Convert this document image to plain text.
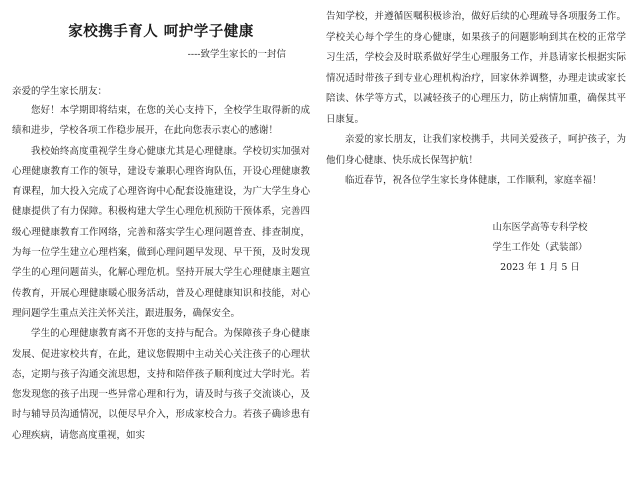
家校携手育人 呵护学子健康
----致学生家长的一封信
亲爱的学生家长朋友：

您好！本学期即将结束，在您的关心支持下，全校学生取得新的成绩和进步，学校各项工作稳步展开，在此向您表示衷心的感谢！

我校始终高度重视学生身心健康尤其是心理健康。学校切实加强对心理健康教育工作的领导，建设专兼职心理咨询队伍，开设心理健康教育课程，加大投入完成了心理咨询中心配套设施建设，为广大学生身心健康提供了有力保障。积极构建大学生心理危机预防干预体系，完善四级心理健康教育工作网络，完善和落实学生心理问题普查、排查制度，为每一位学生建立心理档案，做到心理问题早发现、早干预，及时发现学生的心理问题苗头，化解心理危机。坚持开展大学生心理健康主题宣传教育，开展心理健康暖心服务活动，普及心理健康知识和技能，对心理问题学生重点关注关怀关注，跟进服务，确保安全。

学生的心理健康教育离不开您的支持与配合。为保障孩子身心健康发展、促进家校共育，在此，建议您假期中主动关心关注孩子的心理状态，定期与孩子沟通交流思想，支持和陪伴孩子顺利度过大学时光。若您发现您的孩子出现一些异常心理和行为，请及时与孩子交流谈心，及时与辅导员沟通情况，以便尽早介入，形成家校合力。若孩子确诊患有心理疾病，请您高度重视，如实

告知学校，并遵循医嘱积极诊治，做好后续的心理疏导各项服务工作。学校关心每个学生的身心健康，如果孩子的问题影响到其在校的正常学习生活，学校会及时联系做好学生心理服务工作，并恳请家长根据实际情况适时带孩子到专业心理机构治疗，回家休养调整，办理走读或家长陪读、休学等方式，以减轻孩子的心理压力，防止病情加重，确保其平日康复。

亲爱的家长朋友，让我们家校携手，共同关爱孩子，呵护孩子，为他们身心健康、快乐成长保驾护航！

临近春节，祝各位学生家长身体健康，工作顺利，家庭幸福！

山东医学高等专科学校
学生工作处（武装部）
2023 年 1 月 5 日
